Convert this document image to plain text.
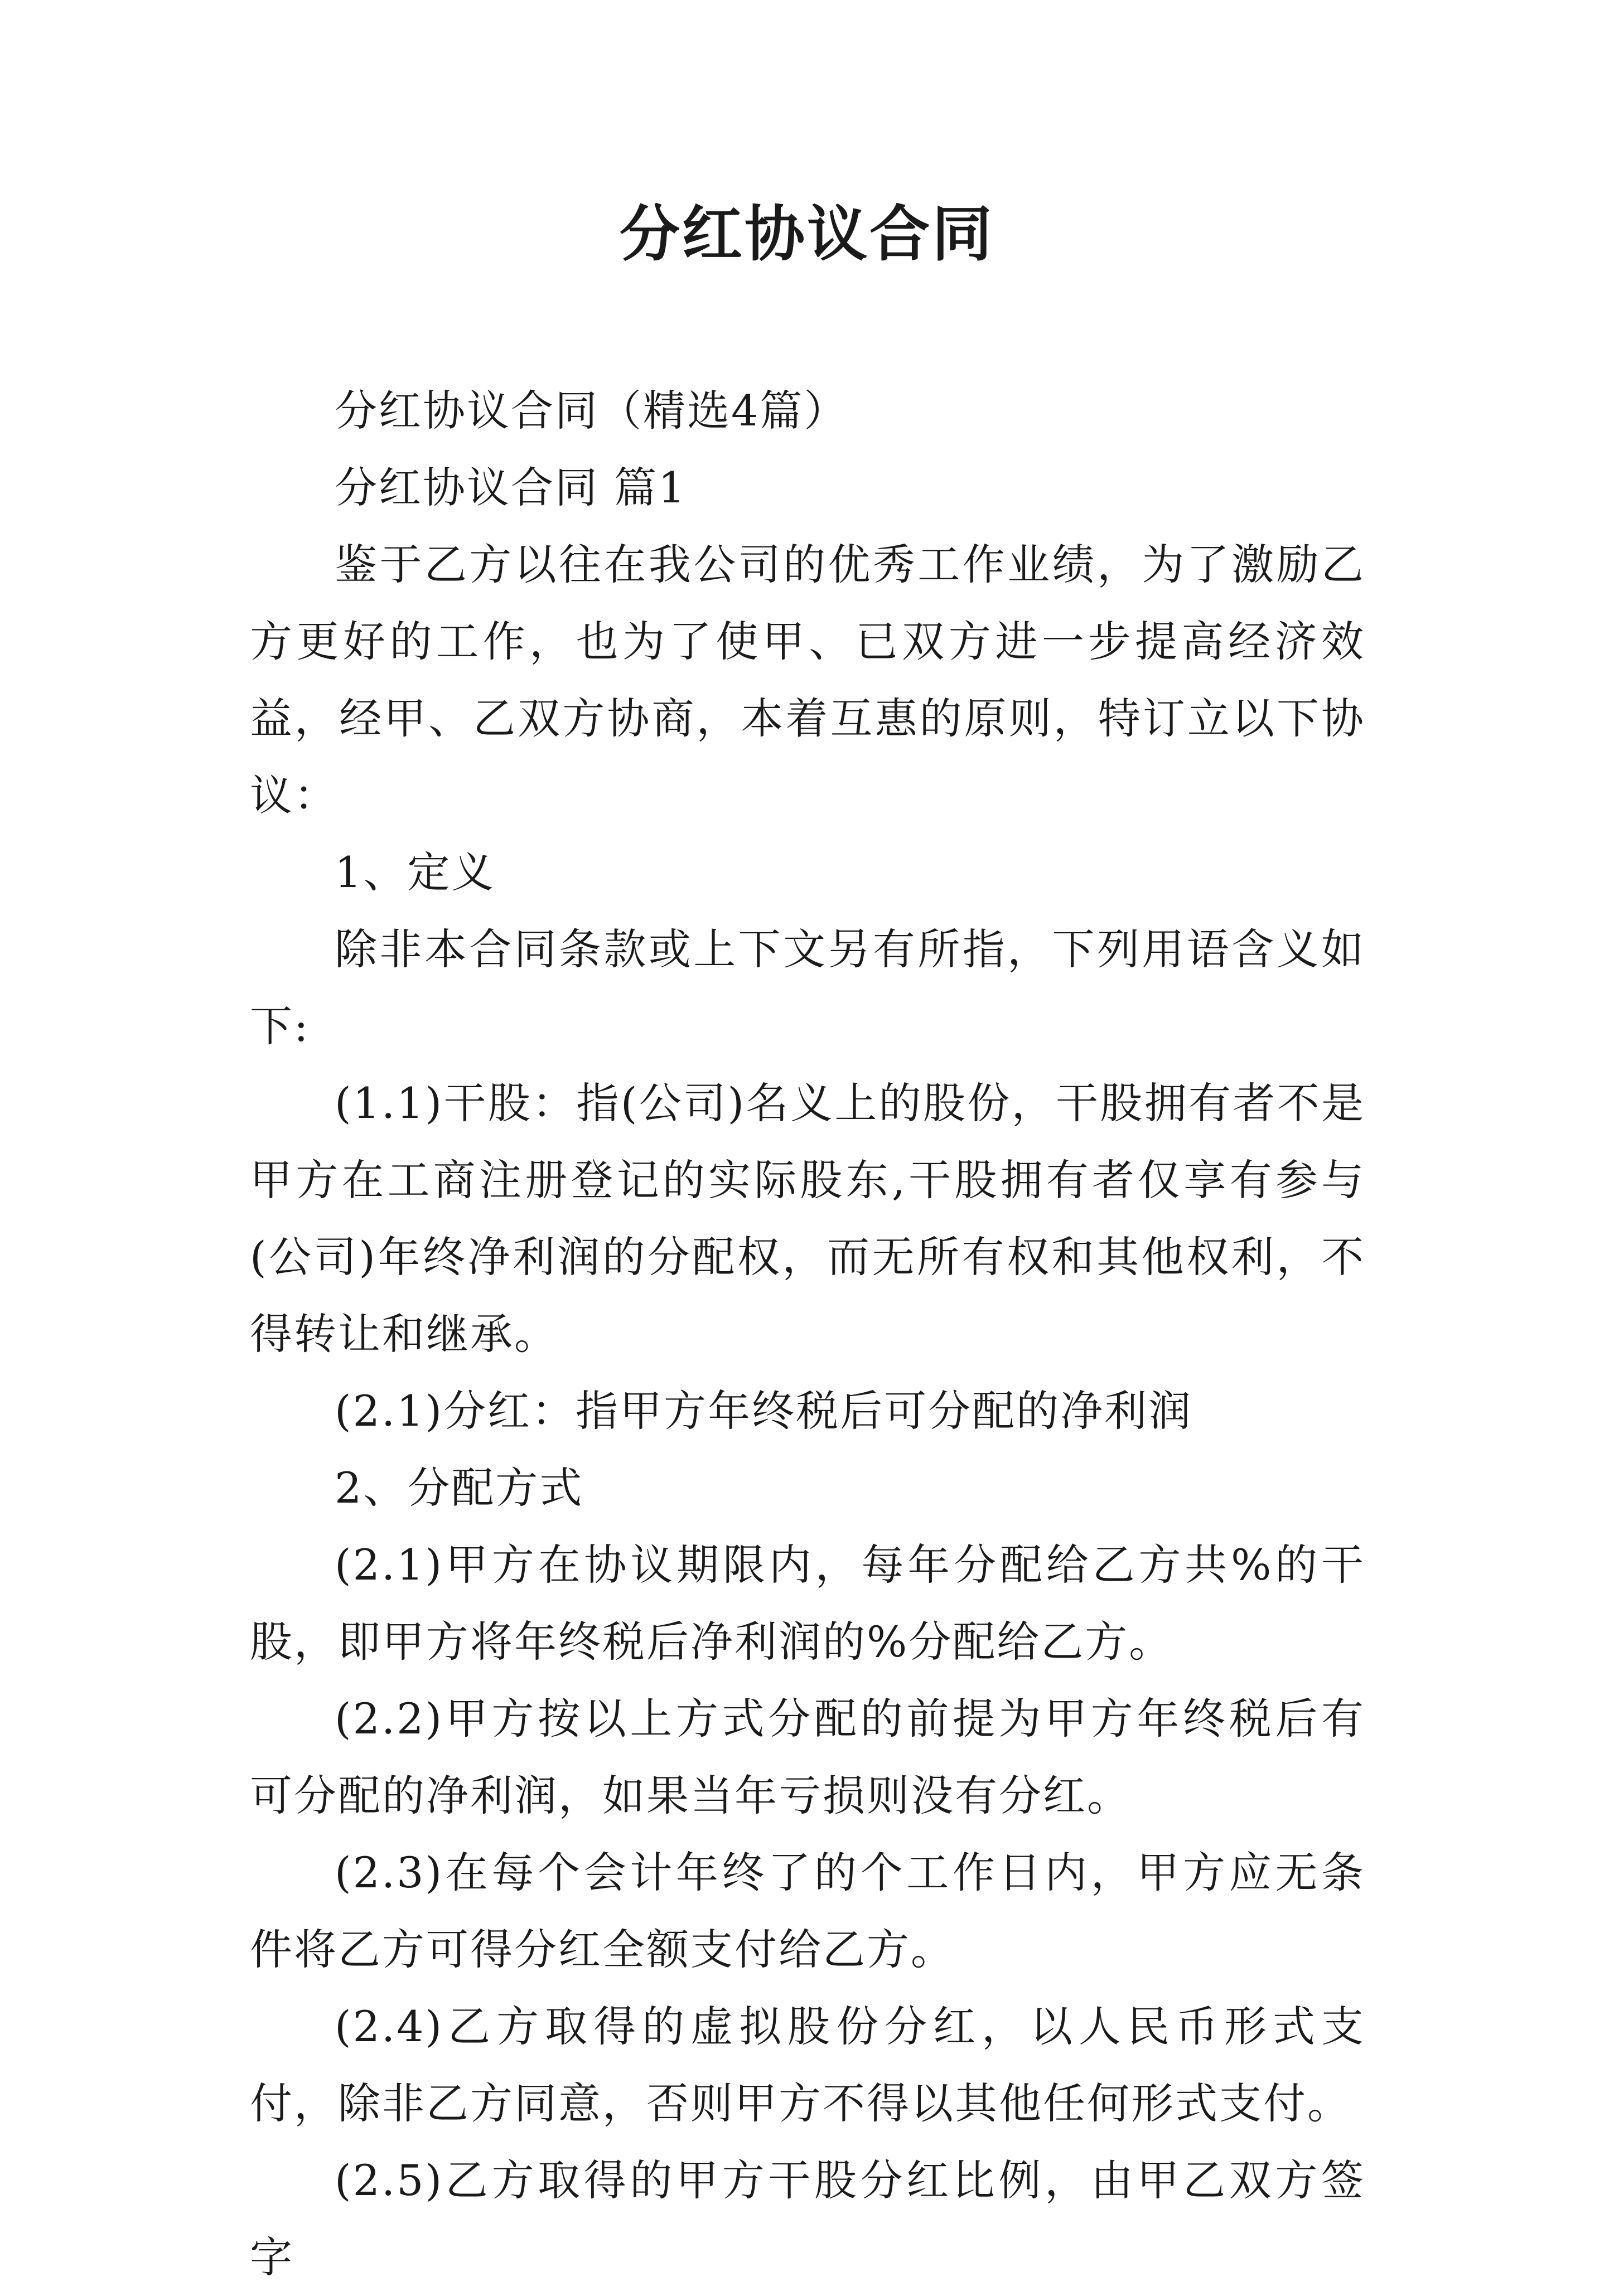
分红协议合同

分红协议合同（精选4篇）

分红协议合同 篇1

鉴于乙方以往在我公司的优秀工作业绩，为了激励乙方更好的工作，也为了使甲、已双方进一步提高经济效益，经甲、乙双方协商，本着互惠的原则，特订立以下协议：

1、定义

除非本合同条款或上下文另有所指，下列用语含义如下:

(1.1)干股：指(公司)名义上的股份，干股拥有者不是甲方在工商注册登记的实际股东,干股拥有者仅享有参与(公司)年终净利润的分配权，而无所有权和其他权利，不得转让和继承。

(2.1)分红：指甲方年终税后可分配的净利润

2、分配方式

(2.1)甲方在协议期限内，每年分配给乙方共%的干股，即甲方将年终税后净利润的%分配给乙方。

(2.2)甲方按以上方式分配的前提为甲方年终税后有可分配的净利润，如果当年亏损则没有分红。

(2.3)在每个会计年终了的个工作日内，甲方应无条件将乙方可得分红全额支付给乙方。

(2.4)乙方取得的虚拟股份分红，以人民币形式支付，除非乙方同意，否则甲方不得以其他任何形式支付。

(2.5)乙方取得的甲方干股分红比例，由甲乙双方签字
